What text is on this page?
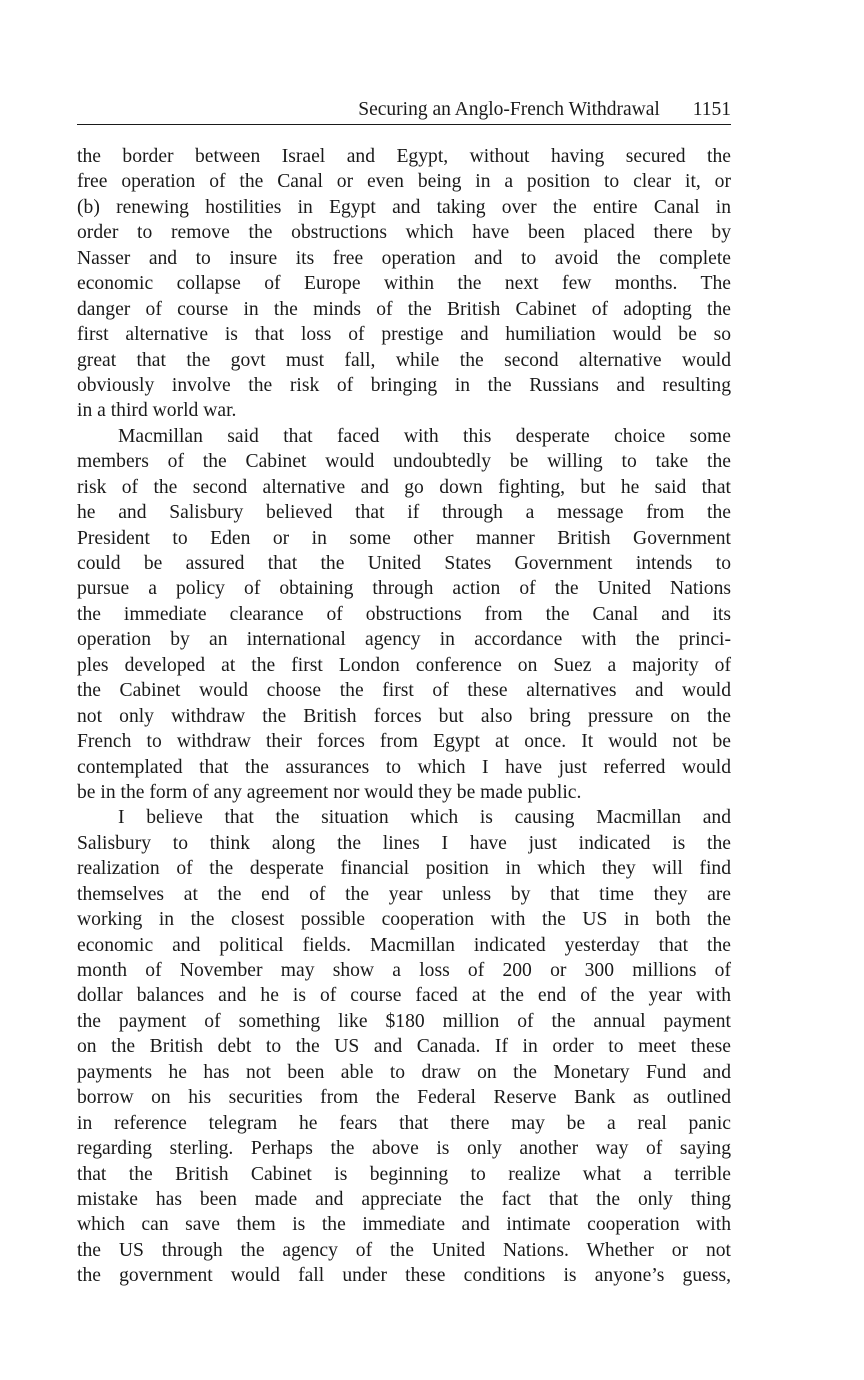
Securing an Anglo-French Withdrawal 1151
the border between Israel and Egypt, without having secured the
free operation of the Canal or even being in a position to clear it, or
(b) renewing hostilities in Egypt and taking over the entire Canal in
order to remove the obstructions which have been placed there by
Nasser and to insure its free operation and to avoid the complete
economic collapse of Europe within the next few months. The
danger of course in the minds of the British Cabinet of adopting the
first alternative is that loss of prestige and humiliation would be so
great that the govt must fall, while the second alternative would
obviously involve the risk of bringing in the Russians and resulting
in a third world war.
Macmillan said that faced with this desperate choice some
members of the Cabinet would undoubtedly be willing to take the
risk of the second alternative and go down fighting, but he said that
he and Salisbury believed that if through a message from the
President to Eden or in some other manner British Government
could be assured that the United States Government intends to
pursue a policy of obtaining through action of the United Nations
the immediate clearance of obstructions from the Canal and its
operation by an international agency in accordance with the princi-
ples developed at the first London conference on Suez a majority of
the Cabinet would choose the first of these alternatives and would
not only withdraw the British forces but also bring pressure on the
French to withdraw their forces from Egypt at once. It would not be
contemplated that the assurances to which I have just referred would
be in the form of any agreement nor would they be made public.
I believe that the situation which is causing Macmillan and
Salisbury to think along the lines I have just indicated is the
realization of the desperate financial position in which they will find
themselves at the end of the year unless by that time they are
working in the closest possible cooperation with the US in both the
economic and political fields. Macmillan indicated yesterday that the
month of November may show a loss of 200 or 300 millions of
dollar balances and he is of course faced at the end of the year with
the payment of something like $180 million of the annual payment
on the British debt to the US and Canada. If in order to meet these
payments he has not been able to draw on the Monetary Fund and
borrow on his securities from the Federal Reserve Bank as outlined
in reference telegram he fears that there may be a real panic
regarding sterling. Perhaps the above is only another way of saying
that the British Cabinet is beginning to realize what a terrible
mistake has been made and appreciate the fact that the only thing
which can save them is the immediate and intimate cooperation with
the US through the agency of the United Nations. Whether or not
the government would fall under these conditions is anyone’s guess,
